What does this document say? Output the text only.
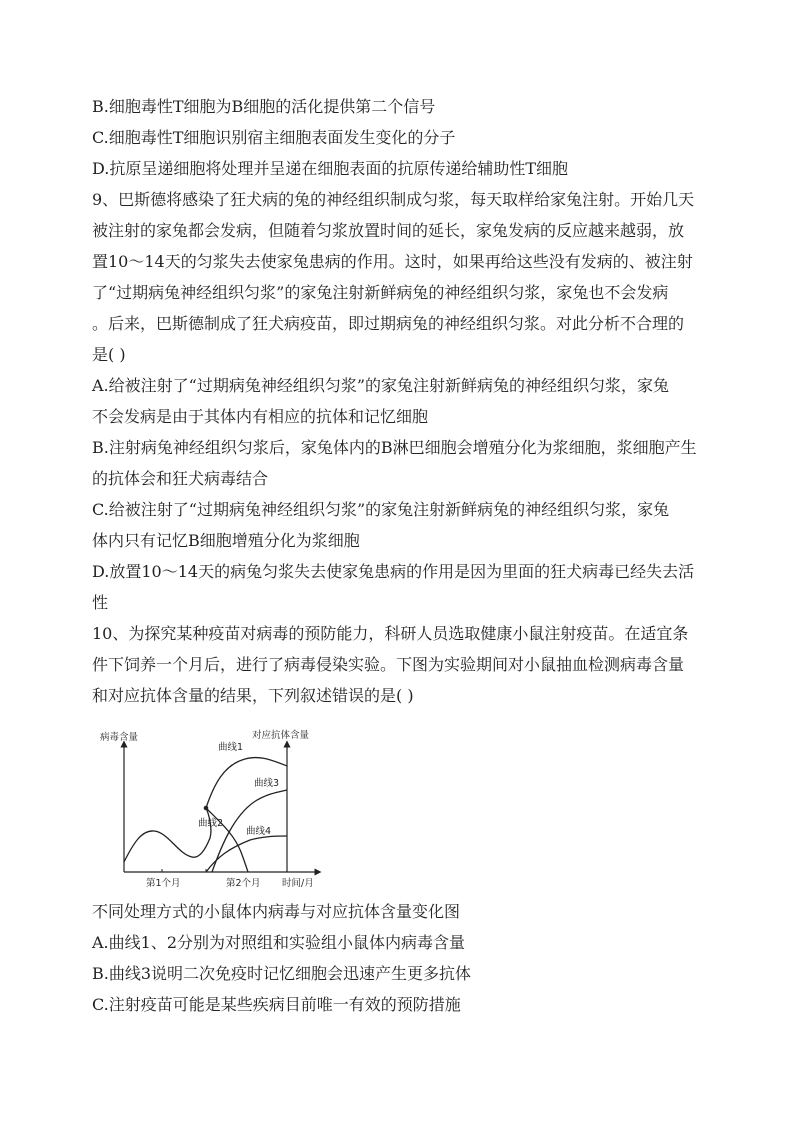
B.细胞毒性T细胞为B细胞的活化提供第二个信号
C.细胞毒性T细胞识别宿主细胞表面发生变化的分子
D.抗原呈递细胞将处理并呈递在细胞表面的抗原传递给辅助性T细胞
9、巴斯德将感染了狂犬病的兔的神经组织制成匀浆，每天取样给家兔注射。开始几天
被注射的家兔都会发病，但随着匀浆放置时间的延长，家兔发病的反应越来越弱，放
置10～14天的匀浆失去使家兔患病的作用。这时，如果再给这些没有发病的、被注射
了“过期病兔神经组织匀浆”的家兔注射新鲜病兔的神经组织匀浆，家兔也不会发病
。后来，巴斯德制成了狂犬病疫苗，即过期病兔的神经组织匀浆。对此分析不合理的
是( )
A.给被注射了“过期病兔神经组织匀浆”的家兔注射新鲜病兔的神经组织匀浆，家兔
不会发病是由于其体内有相应的抗体和记忆细胞
B.注射病兔神经组织匀浆后，家兔体内的B淋巴细胞会增殖分化为浆细胞，浆细胞产生
的抗体会和狂犬病毒结合
C.给被注射了“过期病兔神经组织匀浆”的家兔注射新鲜病兔的神经组织匀浆，家兔
体内只有记忆B细胞增殖分化为浆细胞
D.放置10～14天的病兔匀浆失去使家兔患病的作用是因为里面的狂犬病毒已经失去活
性
10、为探究某种疫苗对病毒的预防能力，科研人员选取健康小鼠注射疫苗。在适宜条
件下饲养一个月后，进行了病毒侵染实验。下图为实验期间对小鼠抽血检测病毒含量
和对应抗体含量的结果，下列叙述错误的是( )
病毒含量	对应抗体含量
曲线1
曲线3
曲线2
曲线4
第1个月	第2个月 时间/月
不同处理方式的小鼠体内病毒与对应抗体含量变化图
A.曲线1、2分别为对照组和实验组小鼠体内病毒含量
B.曲线3说明二次免疫时记忆细胞会迅速产生更多抗体
C.注射疫苗可能是某些疾病目前唯一有效的预防措施
